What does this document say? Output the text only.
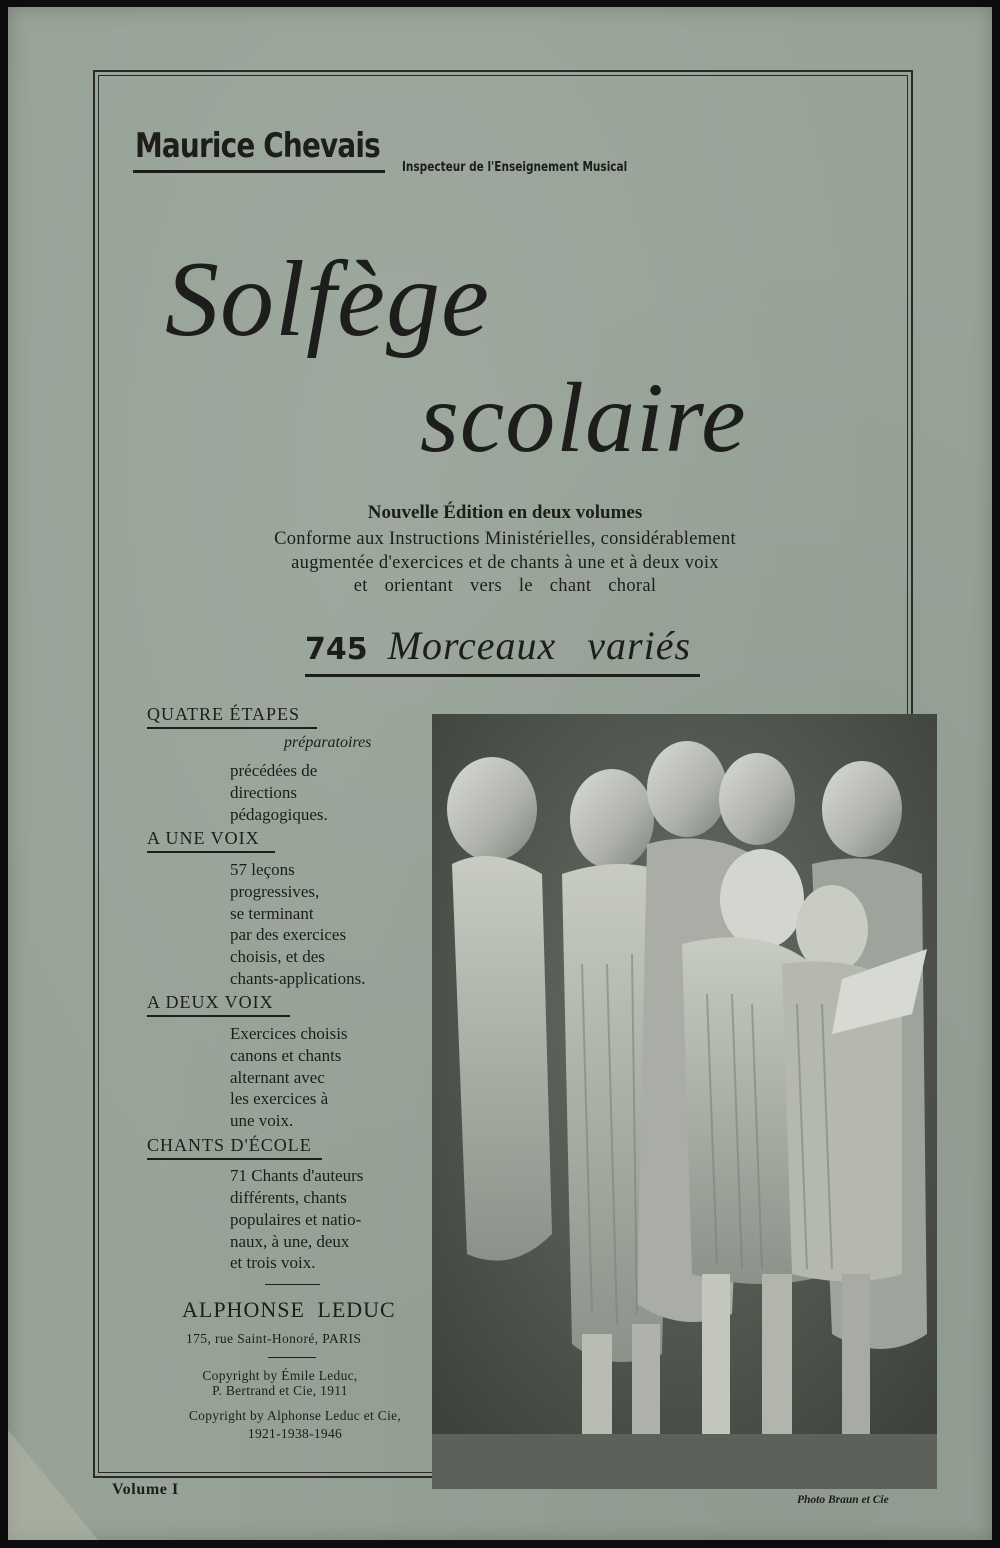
Maurice Chevais
Inspecteur de l'Enseignement Musical
Solfège
scolaire
Nouvelle Édition en deux volumes
Conforme aux Instructions Ministérielles, considérablement
augmentée d'exercices et de chants à une et à deux voix
et orientant vers le chant choral
745 Morceaux variés
QUATRE ÉTAPES
préparatoires
précédées de
directions
pédagogiques.
A UNE VOIX
57 leçons
progressives,
se terminant
par des exercices
choisis, et des
chants-applications.
A DEUX VOIX
Exercices choisis
canons et chants
alternant avec
les exercices à
une voix.
CHANTS D'ÉCOLE
71 Chants d'auteurs
différents, chants
populaires et natio-
naux, à une, deux
et trois voix.
ALPHONSE LEDUC
175, rue Saint-Honoré, PARIS
Copyright by Émile Leduc,
P. Bertrand et Cie, 1911
Copyright by Alphonse Leduc et Cie,
1921-1938-1946
Volume I
Photo Braun et Cie
